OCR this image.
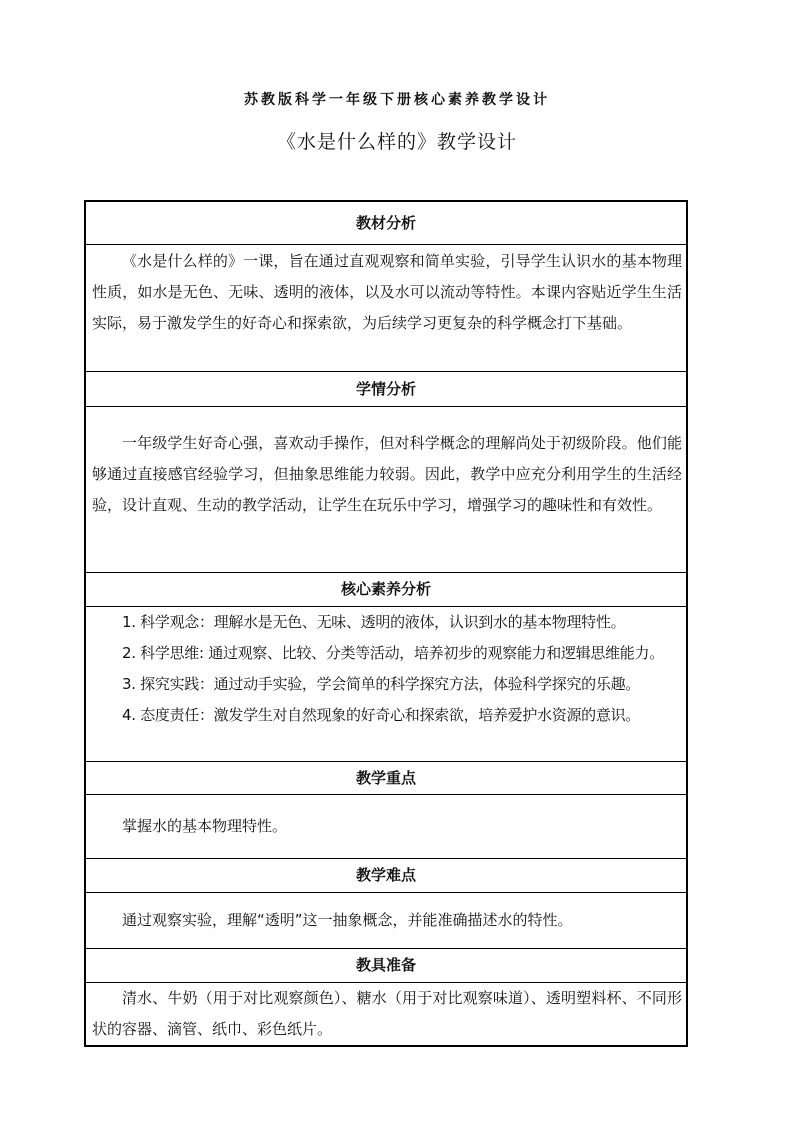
苏教版科学一年级下册核心素养教学设计
《水是什么样的》教学设计
教材分析

《水是什么样的》一课，旨在通过直观观察和简单实验，引导学生认识水的基本物理性质，如水是无色、无味、透明的液体，以及水可以流动等特性。本课内容贴近学生生活实际，易于激发学生的好奇心和探索欲，为后续学习更复杂的科学概念打下基础。

学情分析

一年级学生好奇心强，喜欢动手操作，但对科学概念的理解尚处于初级阶段。他们能够通过直接感官经验学习，但抽象思维能力较弱。因此，教学中应充分利用学生的生活经验，设计直观、生动的教学活动，让学生在玩乐中学习，增强学习的趣味性和有效性。

核心素养分析

1. 科学观念：理解水是无色、无味、透明的液体，认识到水的基本物理特性。

2. 科学思维: 通过观察、比较、分类等活动，培养初步的观察能力和逻辑思维能力。

3. 探究实践：通过动手实验，学会简单的科学探究方法，体验科学探究的乐趣。

4. 态度责任：激发学生对自然现象的好奇心和探索欲，培养爱护水资源的意识。

教学重点

掌握水的基本物理特性。

教学难点

通过观察实验，理解“透明”这一抽象概念，并能准确描述水的特性。

教具准备

清水、牛奶（用于对比观察颜色）、糖水（用于对比观察味道）、透明塑料杯、不同形状的容器、滴管、纸巾、彩色纸片。
